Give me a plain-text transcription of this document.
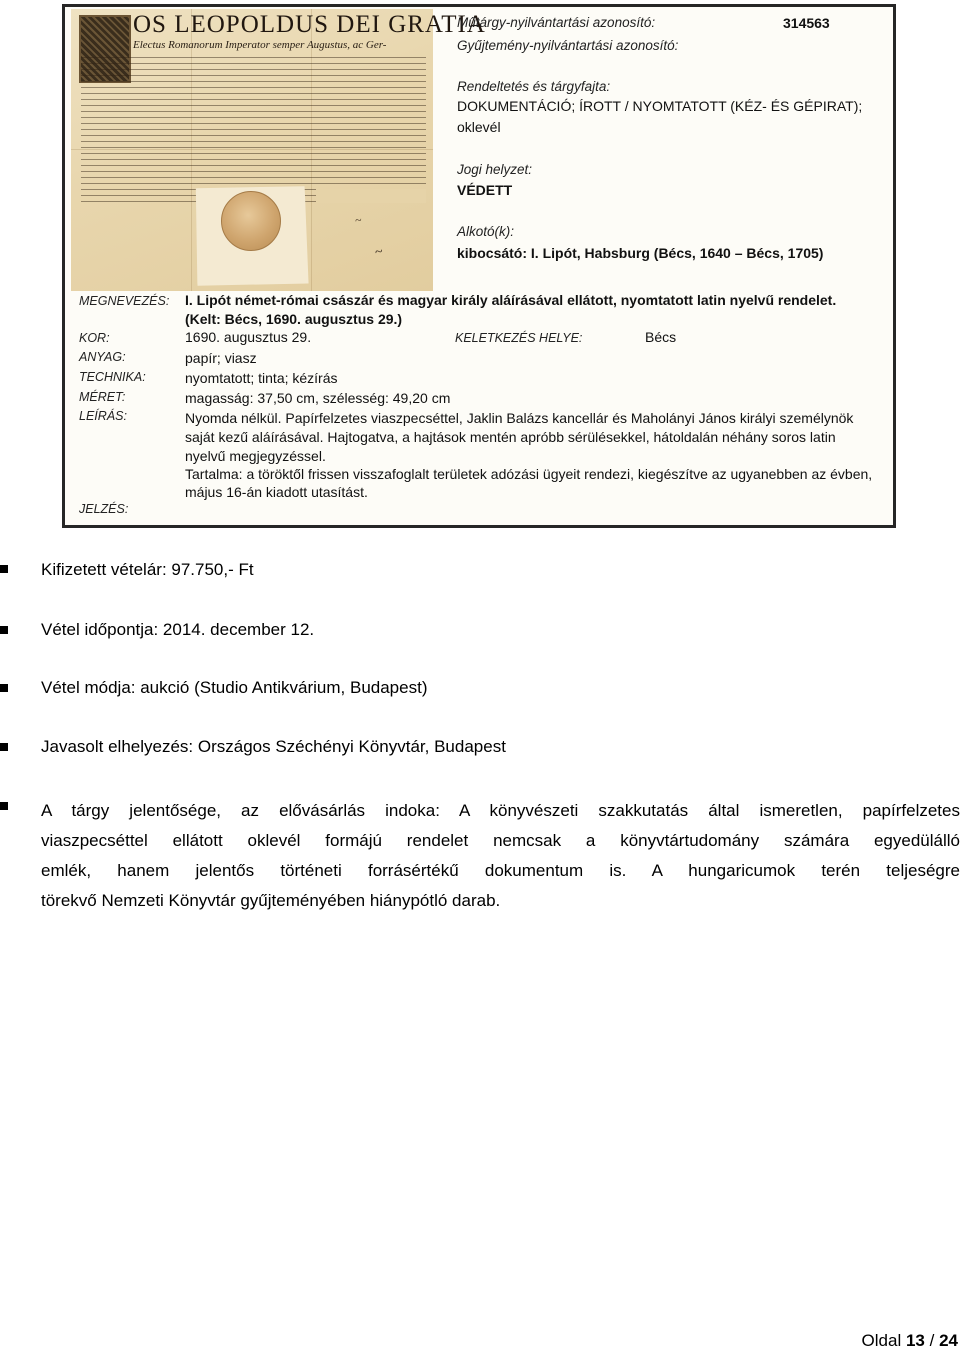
OS LEOPOLDUS DEI GRATIA
Electus Romanorum Imperator semper Augustus, ac Ger-
~
~
Műtárgy-nyilvántartási azonosító:	314563
Gyűjtemény-nyilvántartási azonosító:
Rendeltetés és tárgyfajta:
DOKUMENTÁCIÓ; ÍROTT / NYOMTATOTT (KÉZ- ÉS GÉPIRAT);
oklevél
Jogi helyzet:
VÉDETT
Alkotó(k):
kibocsátó: I. Lipót, Habsburg (Bécs, 1640 – Bécs, 1705)
MEGNEVEZÉS: I. Lipót német-római császár és magyar király aláírásával ellátott, nyomtatott latin nyelvű rendelet.
(Kelt: Bécs, 1690. augusztus 29.)
KOR:	1690. augusztus 29.	KELETKEZÉS HELYE:	Bécs
ANYAG:	papír; viasz
TECHNIKA:	nyomtatott; tinta; kézírás
MÉRET:	magasság: 37,50 cm, szélesség: 49,20 cm
LEÍRÁS:	Nyomda nélkül. Papírfelzetes viaszpecséttel, Jaklin Balázs kancellár és Maholányi János királyi személynök
saját kezű aláírásával. Hajtogatva, a hajtások mentén apróbb sérülésekkel, hátoldalán néhány soros latin
nyelvű megjegyzéssel.
Tartalma: a töröktől frissen visszafoglalt területek adózási ügyeit rendezi, kiegészítve az ugyanebben az évben,
május 16-án kiadott utasítást.
JELZÉS:
Kifizetett vételár: 97.750,- Ft
Vétel időpontja: 2014. december 12.
Vétel módja: aukció (Studio Antikvárium, Budapest)
Javasolt elhelyezés: Országos Széchényi Könyvtár, Budapest
A tárgy jelentősége, az elővásárlás indoka: A könyvészeti szakkutatás által ismeretlen, papírfelzetes
viaszpecséttel ellátott oklevél formájú rendelet nemcsak a könyvtártudomány számára egyedülálló
emlék, hanem jelentős történeti forrásértékű dokumentum is. A hungaricumok terén teljeségre
törekvő Nemzeti Könyvtár gyűjteményében hiánypótló darab.
Oldal 13 / 24
